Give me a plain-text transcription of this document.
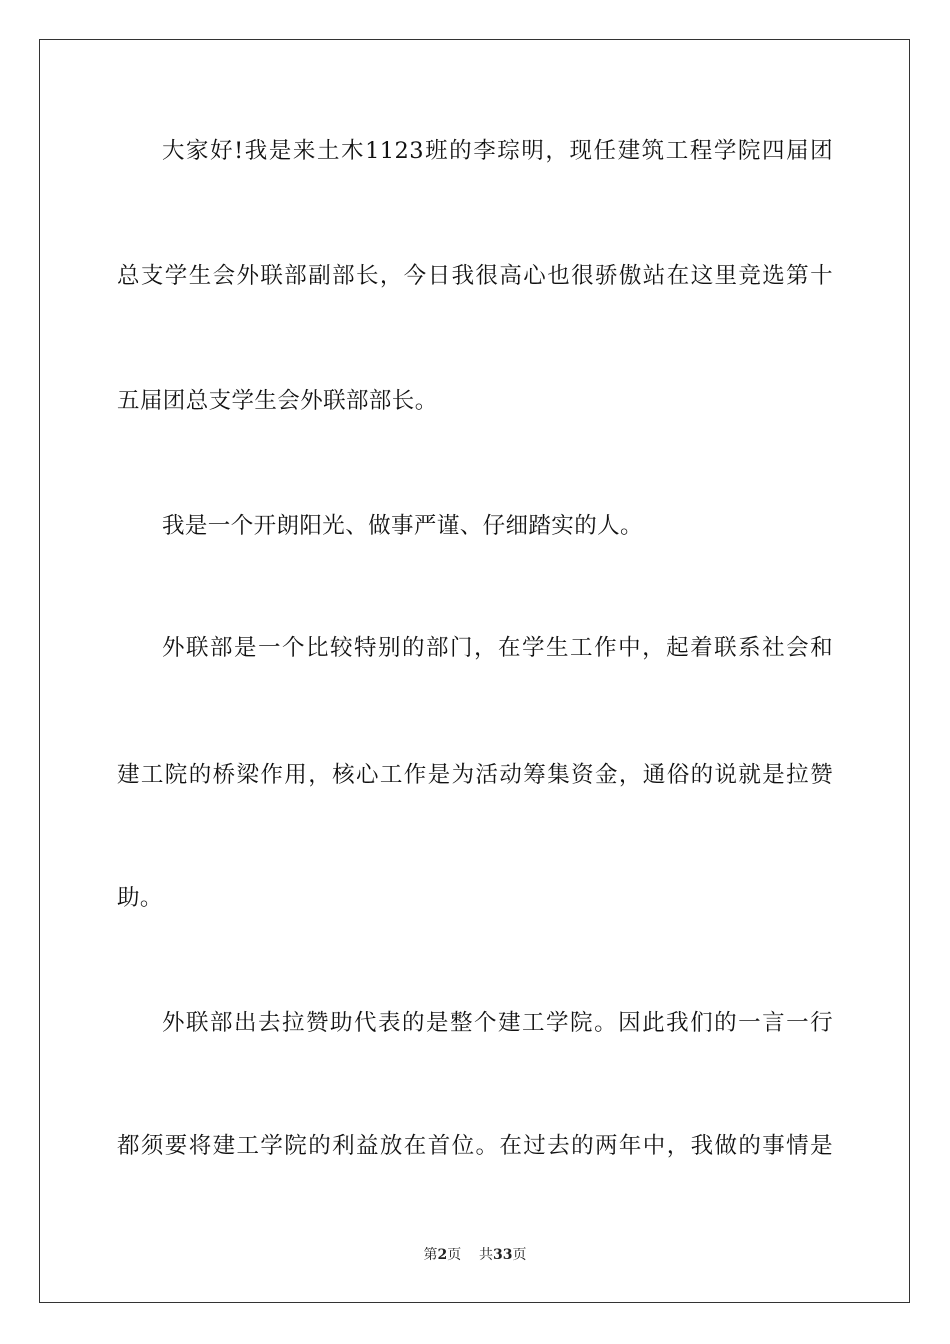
大家好!我是来土木1123班的李琮明，现任建筑工程学院四届团
总支学生会外联部副部长，今日我很高心也很骄傲站在这里竞选第十
五届团总支学生会外联部部长。
我是一个开朗阳光、做事严谨、仔细踏实的人。
外联部是一个比较特别的部门，在学生工作中，起着联系社会和
建工院的桥梁作用，核心工作是为活动筹集资金，通俗的说就是拉赞
助。
外联部出去拉赞助代表的是整个建工学院。因此我们的一言一行
都须要将建工学院的利益放在首位。在过去的两年中，我做的事情是
第2页 共33页
